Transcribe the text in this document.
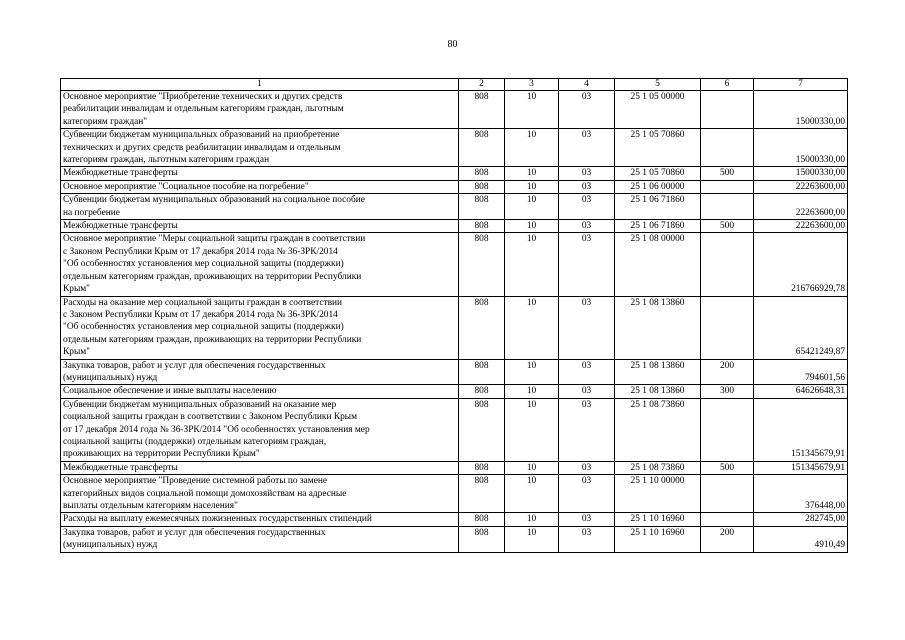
80
1	2	3	4	5	6	7
Основное мероприятие "Приобретение технических и других средств
реабилитации инвалидам и отдельным категориям граждан, льготным
категориям граждан"	808	10	03	25 1 05 00000		15000330,00
Субвенции бюджетам муниципальных образований на приобретение
технических и других средств реабилитации инвалидам и отдельным
категориям граждан, льготным категориям граждан	808	10	03	25 1 05 70860		15000330,00
Межбюджетные трансферты	808	10	03	25 1 05 70860	500	15000330,00
Основное мероприятие "Социальное пособие на погребение"	808	10	03	25 1 06 00000		22263600,00
Субвенции бюджетам муниципальных образований на социальное пособие
на погребение	808	10	03	25 1 06 71860		22263600,00
Межбюджетные трансферты	808	10	03	25 1 06 71860	500	22263600,00
Основное мероприятие "Меры социальной защиты граждан в соответствии
с Законом Республики Крым от 17 декабря 2014 года № 36-ЗРК/2014
"Об особенностях установления мер социальной защиты (поддержки)
отдельным категориям граждан, проживающих на территории Республики
Крым"	808	10	03	25 1 08 00000		216766929,78
Расходы на оказание мер социальной защиты граждан в соответствии
с Законом Республики Крым от 17 декабря 2014 года № 36-ЗРК/2014
"Об особенностях установления мер социальной защиты (поддержки)
отдельным категориям граждан, проживающих на территории Республики
Крым"	808	10	03	25 1 08 13860		65421249,87
Закупка товаров, работ и услуг для обеспечения государственных
(муниципальных) нужд	808	10	03	25 1 08 13860	200	794601,56
Социальное обеспечение и иные выплаты населению	808	10	03	25 1 08 13860	300	64626648,31
Субвенции бюджетам муниципальных образований на оказание мер
социальной защиты граждан в соответствии с Законом Республики Крым
от 17 декабря 2014 года № 36-ЗРК/2014 "Об особенностях установления мер
социальной защиты (поддержки) отдельным категориям граждан,
проживающих на территории Республики Крым"	808	10	03	25 1 08 73860		151345679,91
Межбюджетные трансферты	808	10	03	25 1 08 73860	500	151345679,91
Основное мероприятие "Проведение системной работы по замене
категорийных видов социальной помощи домохозяйствам на адресные
выплаты отдельным категориям населения"	808	10	03	25 1 10 00000		376448,00
Расходы на выплату ежемесячных пожизненных государственных стипендий	808	10	03	25 1 10 16960		282745,00
Закупка товаров, работ и услуг для обеспечения государственных
(муниципальных) нужд	808	10	03	25 1 10 16960	200	4910,49
